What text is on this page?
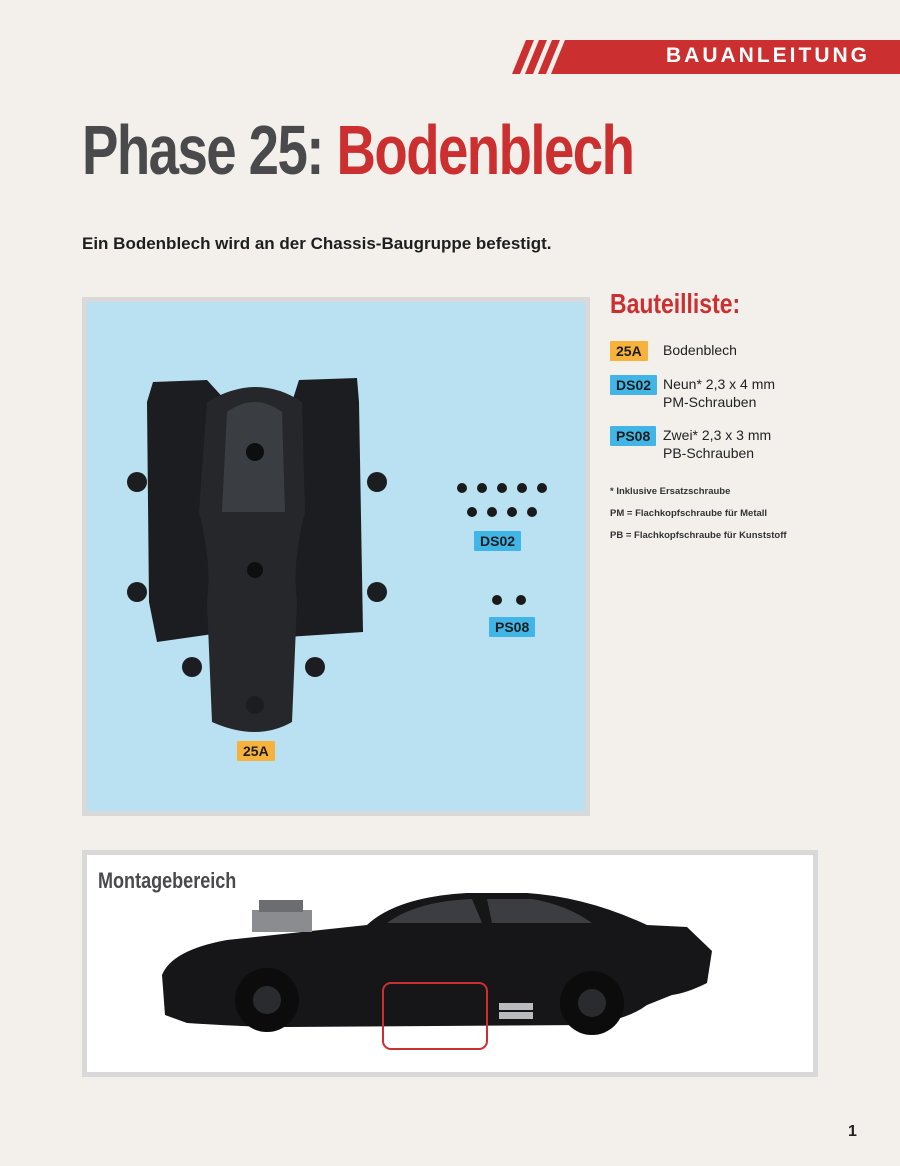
BAUANLEITUNG
Phase 25: Bodenblech
Ein Bodenblech wird an der Chassis-Baugruppe befestigt.
25A
DS02
PS08
Bauteilliste:
25A	Bodenblech
DS02 Neun* 2,3 x 4 mm
PM-Schrauben
PS08 Zwei* 2,3 x 3 mm
PB-Schrauben
* Inklusive Ersatzschraube
PM = Flachkopfschraube für Metall
PB = Flachkopfschraube für Kunststoff
Montagebereich
1
